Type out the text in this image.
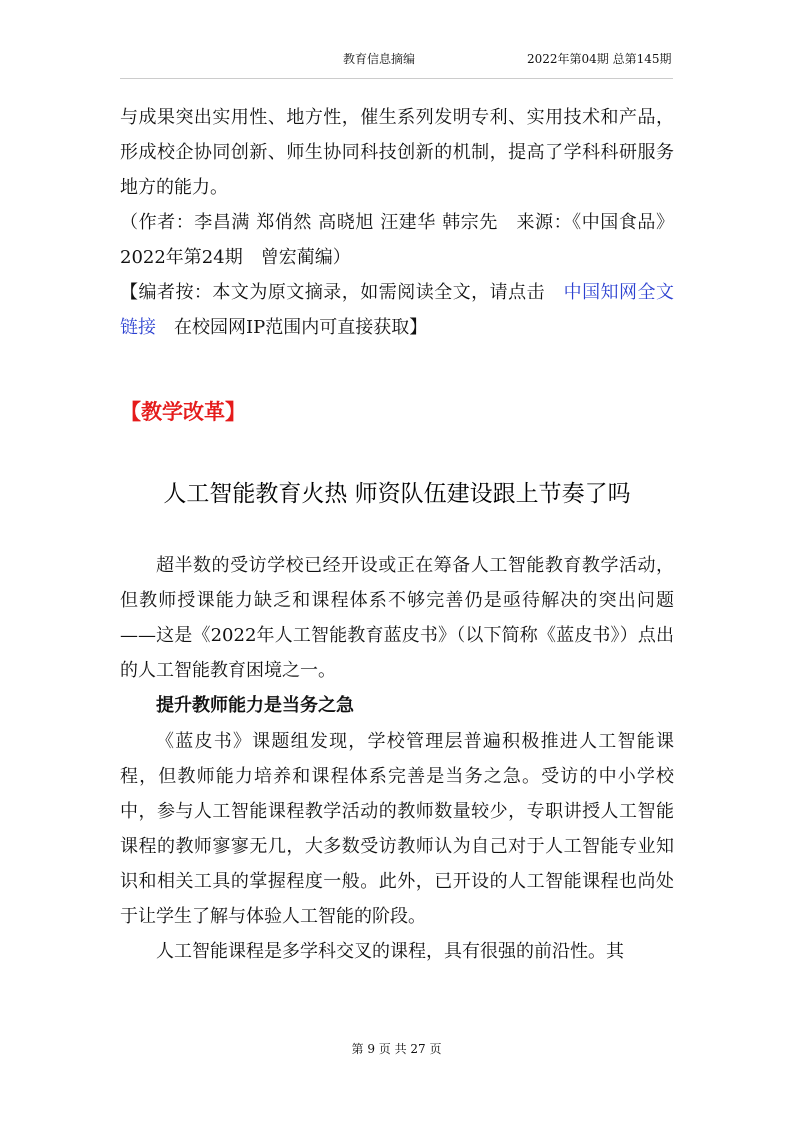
教育信息摘编	2022年第04期 总第145期

与成果突出实用性、地方性，催生系列发明专利、实用技术和产品，形成校企协同创新、师生协同科技创新的机制，提高了学科科研服务地方的能力。

（作者：李昌满 郑俏然 高晓旭 汪建华 韩宗先　来源：《中国食品》2022年第24期　曾宏蔺编）

【编者按：本文为原文摘录，如需阅读全文，请点击　中国知网全文链接　在校园网IP范围内可直接获取】

【教学改革】
人工智能教育火热 师资队伍建设跟上节奏了吗

超半数的受访学校已经开设或正在筹备人工智能教育教学活动，但教师授课能力缺乏和课程体系不够完善仍是亟待解决的突出问题——这是《2022年人工智能教育蓝皮书》（以下简称《蓝皮书》）点出的人工智能教育困境之一。

提升教师能力是当务之急

《蓝皮书》课题组发现，学校管理层普遍积极推进人工智能课程，但教师能力培养和课程体系完善是当务之急。受访的中小学校中，参与人工智能课程教学活动的教师数量较少，专职讲授人工智能课程的教师寥寥无几，大多数受访教师认为自己对于人工智能专业知识和相关工具的掌握程度一般。此外，已开设的人工智能课程也尚处于让学生了解与体验人工智能的阶段。

人工智能课程是多学科交叉的课程，具有很强的前沿性。其

第 9 页 共 27 页
